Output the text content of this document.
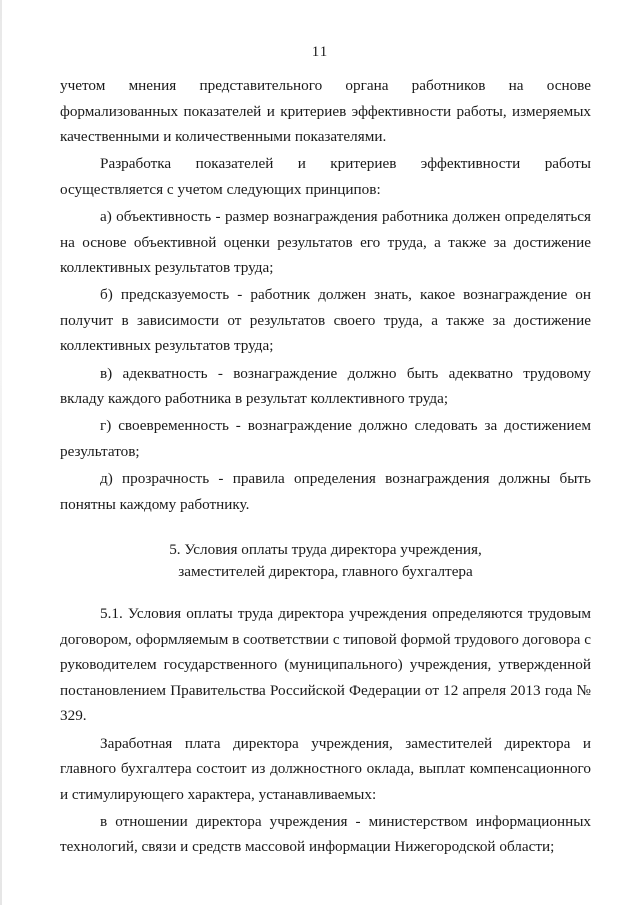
11

учетом мнения представительного органа работников на основе формализованных показателей и критериев эффективности работы, измеряемых качественными и количественными показателями.

Разработка показателей и критериев эффективности работы осуществляется с учетом следующих принципов:

а) объективность - размер вознаграждения работника должен определяться на основе объективной оценки результатов его труда, а также за достижение коллективных результатов труда;

б) предсказуемость - работник должен знать, какое вознаграждение он получит в зависимости от результатов своего труда, а также за достижение коллективных результатов труда;

в) адекватность - вознаграждение должно быть адекватно трудовому вкладу каждого работника в результат коллективного труда;

г) своевременность - вознаграждение должно следовать за достижением результатов;

д) прозрачность - правила определения вознаграждения должны быть понятны каждому работнику.

5. Условия оплаты труда директора учреждения,
заместителей директора, главного бухгалтера

5.1. Условия оплаты труда директора учреждения определяются трудовым договором, оформляемым в соответствии с типовой формой трудового договора с руководителем государственного (муниципального) учреждения, утвержденной постановлением Правительства Российской Федерации от 12 апреля 2013 года № 329.

Заработная плата директора учреждения, заместителей директора и главного бухгалтера состоит из должностного оклада, выплат компенсационного и стимулирующего характера, устанавливаемых:

в отношении директора учреждения - министерством информационных технологий, связи и средств массовой информации Нижегородской области;
